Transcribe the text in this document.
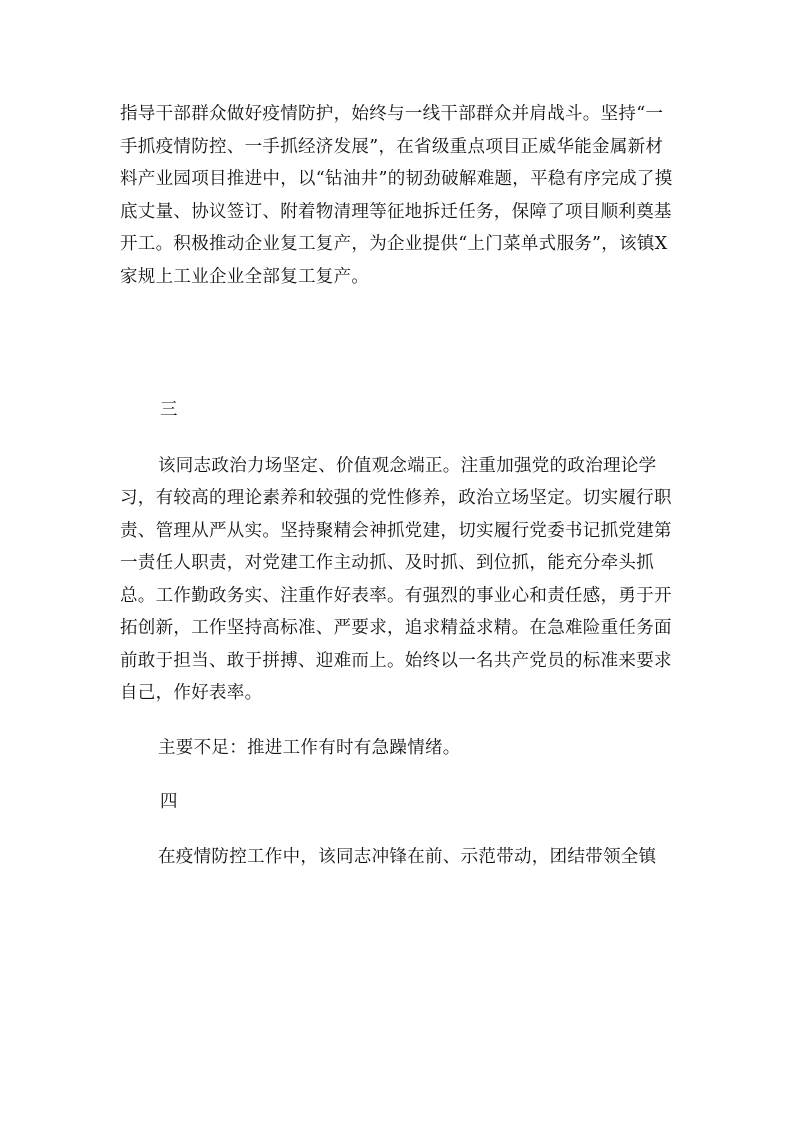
指导干部群众做好疫情防护，始终与一线干部群众并肩战斗。坚持“一手抓疫情防控、一手抓经济发展”，在省级重点项目正威华能金属新材料产业园项目推进中，以“钻油井”的韧劲破解难题，平稳有序完成了摸底丈量、协议签订、附着物清理等征地拆迁任务，保障了项目顺利奠基开工。积极推动企业复工复产，为企业提供“上门菜单式服务”，该镇X家规上工业企业全部复工复产。

三

该同志政治力场坚定、价值观念端正。注重加强党的政治理论学习，有较高的理论素养和较强的党性修养，政治立场坚定。切实履行职责、管理从严从实。坚持聚精会神抓党建，切实履行党委书记抓党建第一责任人职责，对党建工作主动抓、及时抓、到位抓，能充分牵头抓总。工作勤政务实、注重作好表率。有强烈的事业心和责任感，勇于开拓创新，工作坚持高标准、严要求，追求精益求精。在急难险重任务面前敢于担当、敢于拼搏、迎难而上。始终以一名共产党员的标准来要求自己，作好表率。

主要不足：推进工作有时有急躁情绪。

四

在疫情防控工作中，该同志冲锋在前、示范带动，团结带领全镇
